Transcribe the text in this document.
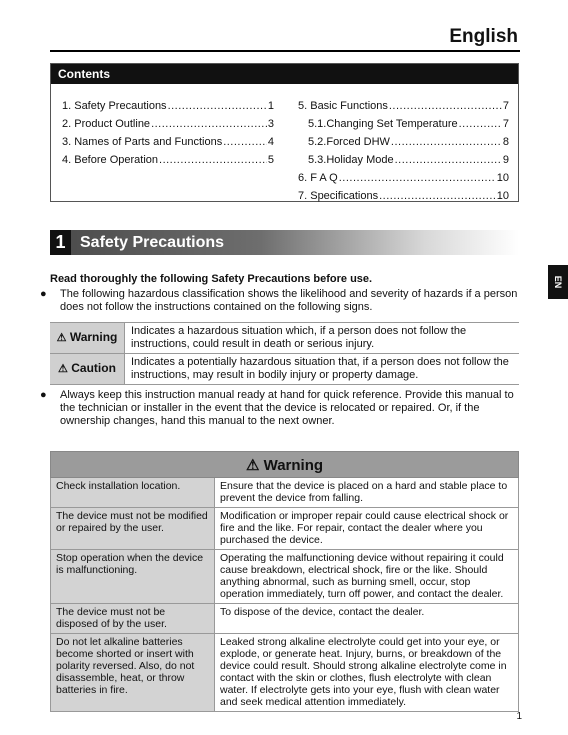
English
Contents
1. Safety Precautions .....	1
2. Product Outline .....	3
3. Names of Parts and Functions .....	4
4. Before Operation .....	5
5. Basic Functions .....	7
5.1.Changing Set Temperature .....	7
5.2.Forced DHW .....	8
5.3.Holiday Mode .....	9
6. F A Q .....	10
7. Specifications .....	10
1 Safety Precautions
EN
Read thoroughly the following Safety Precautions before use.
● The following hazardous classification shows the likelihood and severity of hazards if a person does not follow the instructions contained on the following signs.
⚠ Warning	Indicates a hazardous situation which, if a person does not follow the instructions, could result in death or serious injury.
⚠ Caution	Indicates a potentially hazardous situation that, if a person does not follow the instructions, may result in bodily injury or property damage.
● Always keep this instruction manual ready at hand for quick reference. Provide this manual to the technician or installer in the event that the device is relocated or repaired. Or, if the ownership changes, hand this manual to the next owner.
⚠ Warning	
Check installation location.	Ensure that the device is placed on a hard and stable place to prevent the device from falling.
The device must not be modified or repaired by the user.	Modification or improper repair could cause electrical shock or fire and the like. For repair, contact the dealer where you purchased the device.
Stop operation when the device is malfunctioning.	Operating the malfunctioning device without repairing it could cause breakdown, electrical shock, fire or the like. Should anything abnormal, such as burning smell, occur, stop operation immediately, turn off power, and contact the dealer.
The device must not be disposed of by the user.	To dispose of the device, contact the dealer.
Do not let alkaline batteries become shorted or insert with polarity reversed. Also, do not disassemble, heat, or throw batteries in fire.	Leaked strong alkaline electrolyte could get into your eye, or explode, or generate heat. Injury, burns, or breakdown of the device could result. Should strong alkaline electrolyte come in contact with the skin or clothes, flush electrolyte with clean water. If electrolyte gets into your eye, flush with clean water and seek medical attention immediately.
1
